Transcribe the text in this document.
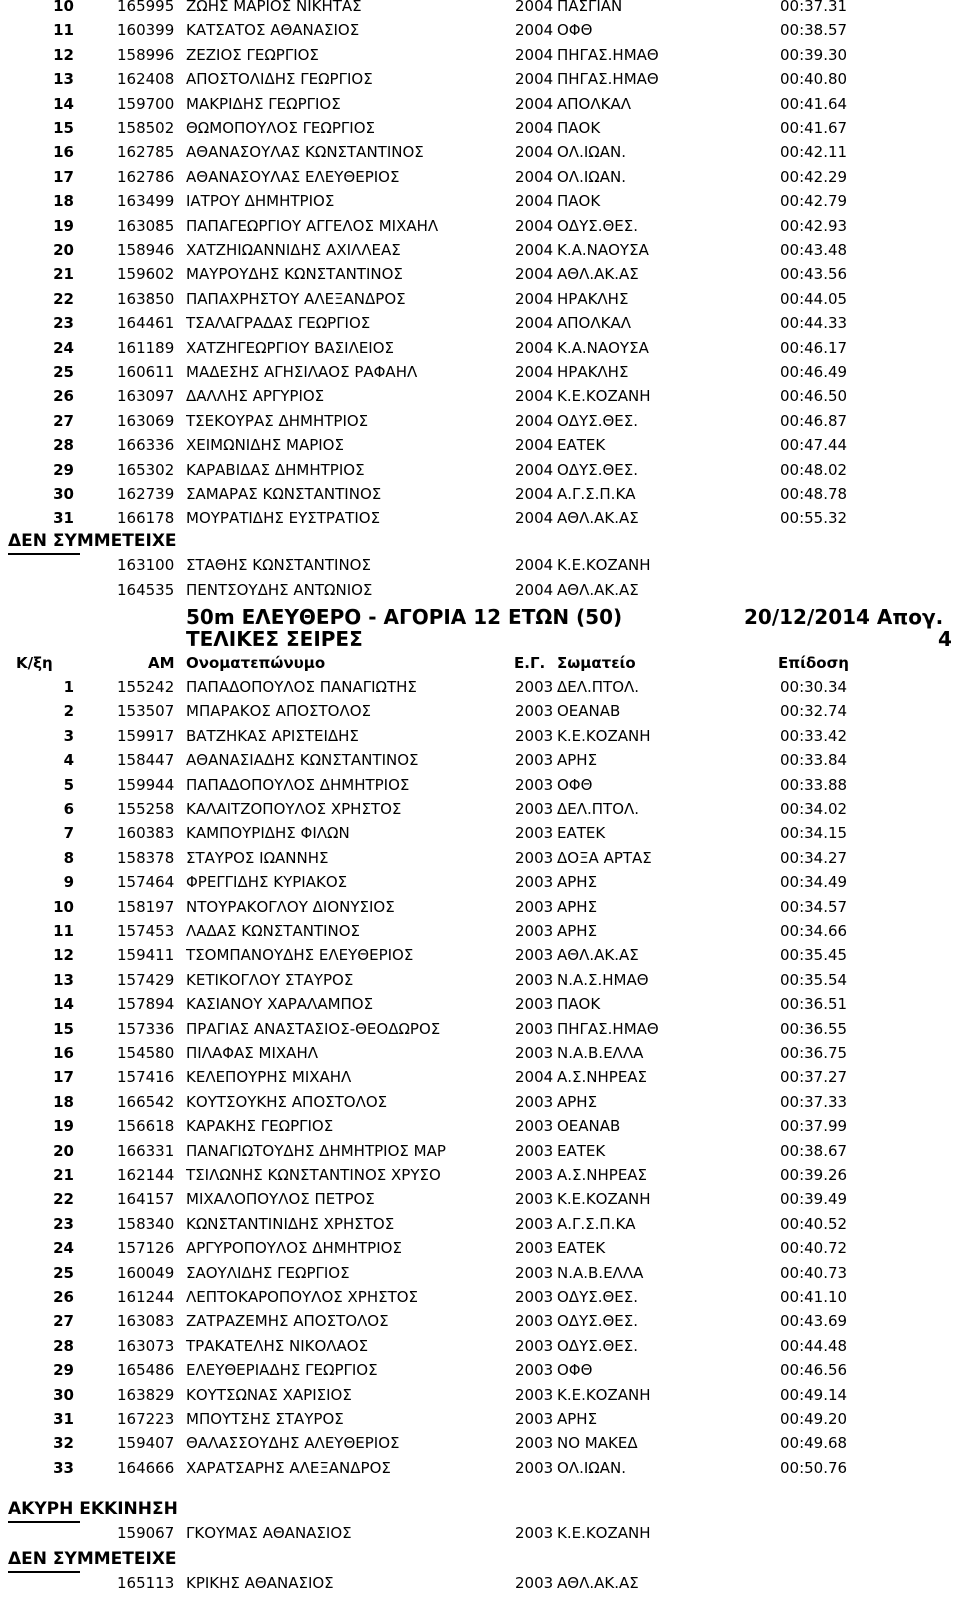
10	165995 ΖΩΗΣ ΜΑΡΙΟΣ ΝΙΚΗΤΑΣ	2004 ΠΑΣΓΙΑΝ	00:37.31
11	160399 ΚΑΤΣΑΤΟΣ ΑΘΑΝΑΣΙΟΣ	2004 ΟΦΘ	00:38.57
12	158996 ΖΕΖΙΟΣ ΓΕΩΡΓΙΟΣ	2004 ΠΗΓΑΣ.ΗΜΑΘ	00:39.30
13	162408 ΑΠΟΣΤΟΛΙΔΗΣ ΓΕΩΡΓΙΟΣ	2004 ΠΗΓΑΣ.ΗΜΑΘ	00:40.80
14	159700 ΜΑΚΡΙΔΗΣ ΓΕΩΡΓΙΟΣ	2004 ΑΠΟΛΚΑΛ	00:41.64
15	158502 ΘΩΜΟΠΟΥΛΟΣ ΓΕΩΡΓΙΟΣ	2004 ΠΑΟΚ	00:41.67
16	162785 ΑΘΑΝΑΣΟΥΛΑΣ ΚΩΝΣΤΑΝΤΙΝΟΣ	2004 ΟΛ.ΙΩΑΝ.	00:42.11
17	162786 ΑΘΑΝΑΣΟΥΛΑΣ ΕΛΕΥΘΕΡΙΟΣ	2004 ΟΛ.ΙΩΑΝ.	00:42.29
18	163499 ΙΑΤΡΟΥ ΔΗΜΗΤΡΙΟΣ	2004 ΠΑΟΚ	00:42.79
19	163085 ΠΑΠΑΓΕΩΡΓΙΟΥ ΑΓΓΕΛΟΣ ΜΙΧΑΗΛ	2004 ΟΔΥΣ.ΘΕΣ.	00:42.93
20	158946 ΧΑΤΖΗΙΩΑΝΝΙΔΗΣ ΑΧΙΛΛΕΑΣ	2004 Κ.Α.ΝΑΟΥΣΑ	00:43.48
21	159602 ΜΑΥΡΟΥΔΗΣ ΚΩΝΣΤΑΝΤΙΝΟΣ	2004 ΑΘΛ.ΑΚ.ΑΣ	00:43.56
22	163850 ΠΑΠΑΧΡΗΣΤΟΥ ΑΛΕΞΑΝΔΡΟΣ	2004 ΗΡΑΚΛΗΣ	00:44.05
23	164461 ΤΣΑΛΑΓΡΑΔΑΣ ΓΕΩΡΓΙΟΣ	2004 ΑΠΟΛΚΑΛ	00:44.33
24	161189 ΧΑΤΖΗΓΕΩΡΓΙΟΥ ΒΑΣΙΛΕΙΟΣ	2004 Κ.Α.ΝΑΟΥΣΑ	00:46.17
25	160611 ΜΑΔΕΣΗΣ ΑΓΗΣΙΛΑΟΣ ΡΑΦΑΗΛ	2004 ΗΡΑΚΛΗΣ	00:46.49
26	163097 ΔΑΛΛΗΣ ΑΡΓΥΡΙΟΣ	2004 Κ.Ε.ΚΟΖΑΝΗ	00:46.50
27	163069 ΤΣΕΚΟΥΡΑΣ ΔΗΜΗΤΡΙΟΣ	2004 ΟΔΥΣ.ΘΕΣ.	00:46.87
28	166336 ΧΕΙΜΩΝΙΔΗΣ ΜΑΡΙΟΣ	2004 ΕΑΤΕΚ	00:47.44
29	165302 ΚΑΡΑΒΙΔΑΣ ΔΗΜΗΤΡΙΟΣ	2004 ΟΔΥΣ.ΘΕΣ.	00:48.02
30	162739 ΣΑΜΑΡΑΣ ΚΩΝΣΤΑΝΤΙΝΟΣ	2004 Α.Γ.Σ.Π.ΚΑ	00:48.78
31	166178 ΜΟΥΡΑΤΙΔΗΣ ΕΥΣΤΡΑΤΙΟΣ	2004 ΑΘΛ.ΑΚ.ΑΣ	00:55.32
ΔΕΝ ΣΥΜΜΕΤΕΙΧΕ
163100 ΣΤΑΘΗΣ ΚΩΝΣΤΑΝΤΙΝΟΣ	2004 Κ.Ε.ΚΟΖΑΝΗ
164535 ΠΕΝΤΣΟΥΔΗΣ ΑΝΤΩΝΙΟΣ	2004 ΑΘΛ.ΑΚ.ΑΣ
50m ΕΛΕΥΘΕΡΟ - ΑΓΟΡΙΑ 12 ΕΤΩΝ (50)	20/12/2014 Απογ.
ΤΕΛΙΚΕΣ ΣΕΙΡΕΣ	4
Κ/ξη	ΑΜ Ονοματεπώνυμο	Ε.Γ. Σωματείο	Επίδοση
1	155242 ΠΑΠΑΔΟΠΟΥΛΟΣ ΠΑΝΑΓΙΩΤΗΣ	2003 ΔΕΛ.ΠΤΟΛ.	00:30.34
2	153507 ΜΠΑΡΑΚΟΣ ΑΠΟΣΤΟΛΟΣ	2003 ΟΕΑΝΑΒ	00:32.74
3	159917 ΒΑΤΖΗΚΑΣ ΑΡΙΣΤΕΙΔΗΣ	2003 Κ.Ε.ΚΟΖΑΝΗ	00:33.42
4	158447 ΑΘΑΝΑΣΙΑΔΗΣ ΚΩΝΣΤΑΝΤΙΝΟΣ	2003 ΑΡΗΣ	00:33.84
5	159944 ΠΑΠΑΔΟΠΟΥΛΟΣ ΔΗΜΗΤΡΙΟΣ	2003 ΟΦΘ	00:33.88
6	155258 ΚΑΛΑΙΤΖΟΠΟΥΛΟΣ ΧΡΗΣΤΟΣ	2003 ΔΕΛ.ΠΤΟΛ.	00:34.02
7	160383 ΚΑΜΠΟΥΡΙΔΗΣ ΦΙΛΩΝ	2003 ΕΑΤΕΚ	00:34.15
8	158378 ΣΤΑΥΡΟΣ ΙΩΑΝΝΗΣ	2003 ΔΟΞΑ ΑΡΤΑΣ	00:34.27
9	157464 ΦΡΕΓΓΙΔΗΣ ΚΥΡΙΑΚΟΣ	2003 ΑΡΗΣ	00:34.49
10	158197 ΝΤΟΥΡΑΚΟΓΛΟΥ ΔΙΟΝΥΣΙΟΣ	2003 ΑΡΗΣ	00:34.57
11	157453 ΛΑΔΑΣ ΚΩΝΣΤΑΝΤΙΝΟΣ	2003 ΑΡΗΣ	00:34.66
12	159411 ΤΣΟΜΠΑΝΟΥΔΗΣ ΕΛΕΥΘΕΡΙΟΣ	2003 ΑΘΛ.ΑΚ.ΑΣ	00:35.45
13	157429 ΚΕΤΙΚΟΓΛΟΥ ΣΤΑΥΡΟΣ	2003 Ν.Α.Σ.ΗΜΑΘ	00:35.54
14	157894 ΚΑΣΙΑΝΟΥ ΧΑΡΑΛΑΜΠΟΣ	2003 ΠΑΟΚ	00:36.51
15	157336 ΠΡΑΓΙΑΣ ΑΝΑΣΤΑΣΙΟΣ-ΘΕΟΔΩΡΟΣ	2003 ΠΗΓΑΣ.ΗΜΑΘ	00:36.55
16	154580 ΠΙΛΑΦΑΣ ΜΙΧΑΗΛ	2003 Ν.Α.Β.ΕΛΛΑ	00:36.75
17	157416 ΚΕΛΕΠΟΥΡΗΣ ΜΙΧΑΗΛ	2004 Α.Σ.ΝΗΡΕΑΣ	00:37.27
18	166542 ΚΟΥΤΣΟΥΚΗΣ ΑΠΟΣΤΟΛΟΣ	2003 ΑΡΗΣ	00:37.33
19	156618 ΚΑΡΑΚΗΣ ΓΕΩΡΓΙΟΣ	2003 ΟΕΑΝΑΒ	00:37.99
20	166331 ΠΑΝΑΓΙΩΤΟΥΔΗΣ ΔΗΜΗΤΡΙΟΣ ΜΑΡ	2003 ΕΑΤΕΚ	00:38.67
21	162144 ΤΣΙΛΩΝΗΣ ΚΩΝΣΤΑΝΤΙΝΟΣ ΧΡΥΣΟ	2003 Α.Σ.ΝΗΡΕΑΣ	00:39.26
22	164157 ΜΙΧΑΛΟΠΟΥΛΟΣ ΠΕΤΡΟΣ	2003 Κ.Ε.ΚΟΖΑΝΗ	00:39.49
23	158340 ΚΩΝΣΤΑΝΤΙΝΙΔΗΣ ΧΡΗΣΤΟΣ	2003 Α.Γ.Σ.Π.ΚΑ	00:40.52
24	157126 ΑΡΓΥΡΟΠΟΥΛΟΣ ΔΗΜΗΤΡΙΟΣ	2003 ΕΑΤΕΚ	00:40.72
25	160049 ΣΑΟΥΛΙΔΗΣ ΓΕΩΡΓΙΟΣ	2003 Ν.Α.Β.ΕΛΛΑ	00:40.73
26	161244 ΛΕΠΤΟΚΑΡΟΠΟΥΛΟΣ ΧΡΗΣΤΟΣ	2003 ΟΔΥΣ.ΘΕΣ.	00:41.10
27	163083 ΖΑΤΡΑΖΕΜΗΣ ΑΠΟΣΤΟΛΟΣ	2003 ΟΔΥΣ.ΘΕΣ.	00:43.69
28	163073 ΤΡΑΚΑΤΕΛΗΣ ΝΙΚΟΛΑΟΣ	2003 ΟΔΥΣ.ΘΕΣ.	00:44.48
29	165486 ΕΛΕΥΘΕΡΙΑΔΗΣ ΓΕΩΡΓΙΟΣ	2003 ΟΦΘ	00:46.56
30	163829 ΚΟΥΤΣΩΝΑΣ ΧΑΡΙΣΙΟΣ	2003 Κ.Ε.ΚΟΖΑΝΗ	00:49.14
31	167223 ΜΠΟΥΤΣΗΣ ΣΤΑΥΡΟΣ	2003 ΑΡΗΣ	00:49.20
32	159407 ΘΑΛΑΣΣΟΥΔΗΣ ΑΛΕΥΘΕΡΙΟΣ	2003 ΝΟ ΜΑΚΕΔ	00:49.68
33	164666 ΧΑΡΑΤΣΑΡΗΣ ΑΛΕΞΑΝΔΡΟΣ	2003 ΟΛ.ΙΩΑΝ.	00:50.76
ΑΚΥΡΗ ΕΚΚΙΝΗΣΗ
159067 ΓΚΟΥΜΑΣ ΑΘΑΝΑΣΙΟΣ	2003 Κ.Ε.ΚΟΖΑΝΗ
ΔΕΝ ΣΥΜΜΕΤΕΙΧΕ
165113 ΚΡΙΚΗΣ ΑΘΑΝΑΣΙΟΣ	2003 ΑΘΛ.ΑΚ.ΑΣ
